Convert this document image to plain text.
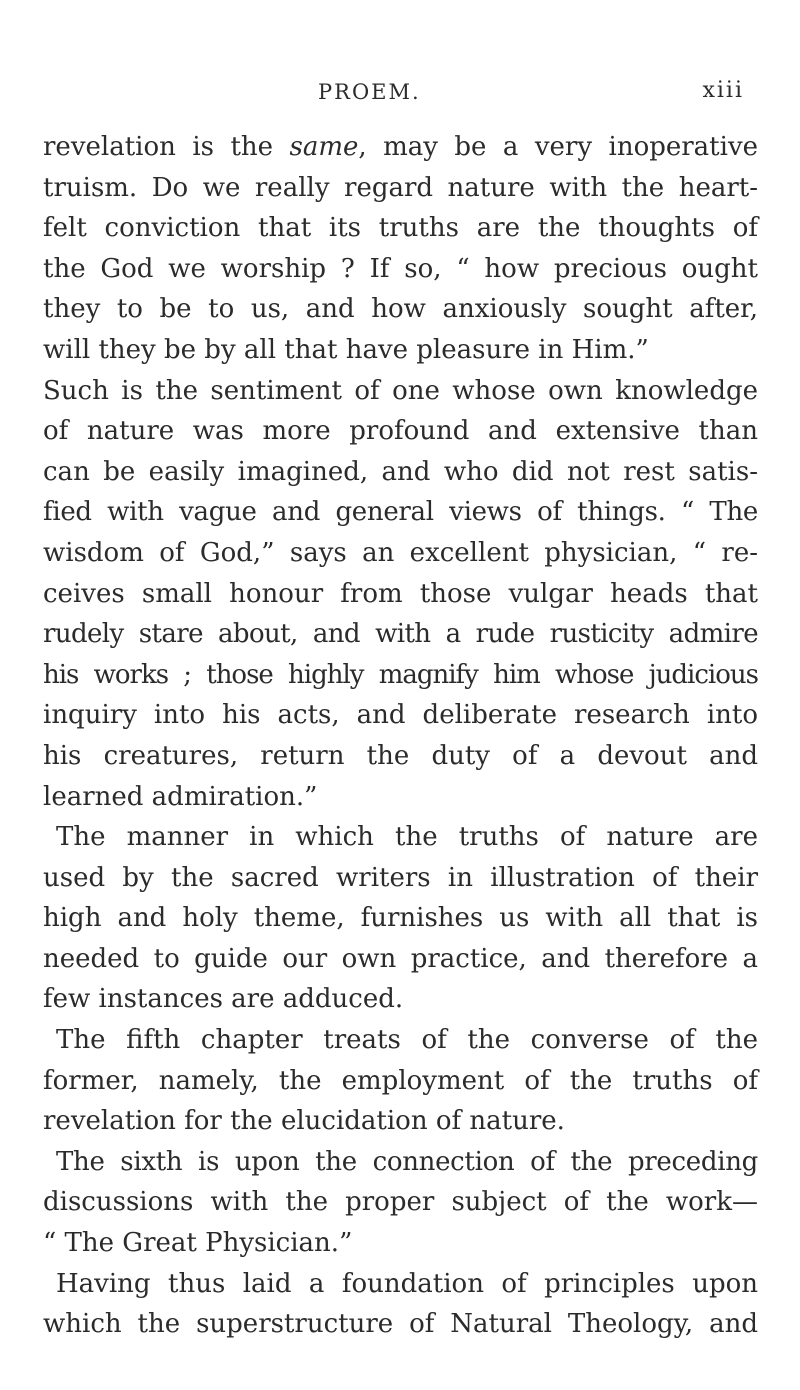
PROEM.	xiii
revelation is the same, may be a very inoperative
truism. Do we really regard nature with the heart-
felt conviction that its truths are the thoughts of
the God we worship ? If so, “ how precious ought
they to be to us, and how anxiously sought after,
will they be by all that have pleasure in Him.”
Such is the sentiment of one whose own knowledge
of nature was more profound and extensive than
can be easily imagined, and who did not rest satis-
fied with vague and general views of things. “ The
wisdom of God,” says an excellent physician, “ re-
ceives small honour from those vulgar heads that
rudely stare about, and with a rude rusticity admire
his works ; those highly magnify him whose judicious
inquiry into his acts, and deliberate research into
his creatures, return the duty of a devout and
learned admiration.”
The manner in which the truths of nature are
used by the sacred writers in illustration of their
high and holy theme, furnishes us with all that is
needed to guide our own practice, and therefore a
few instances are adduced.
The fifth chapter treats of the converse of the
former, namely, the employment of the truths of
revelation for the elucidation of nature.
The sixth is upon the connection of the preceding
discussions with the proper subject of the work—
“ The Great Physician.”
Having thus laid a foundation of principles upon
which the superstructure of Natural Theology, and
